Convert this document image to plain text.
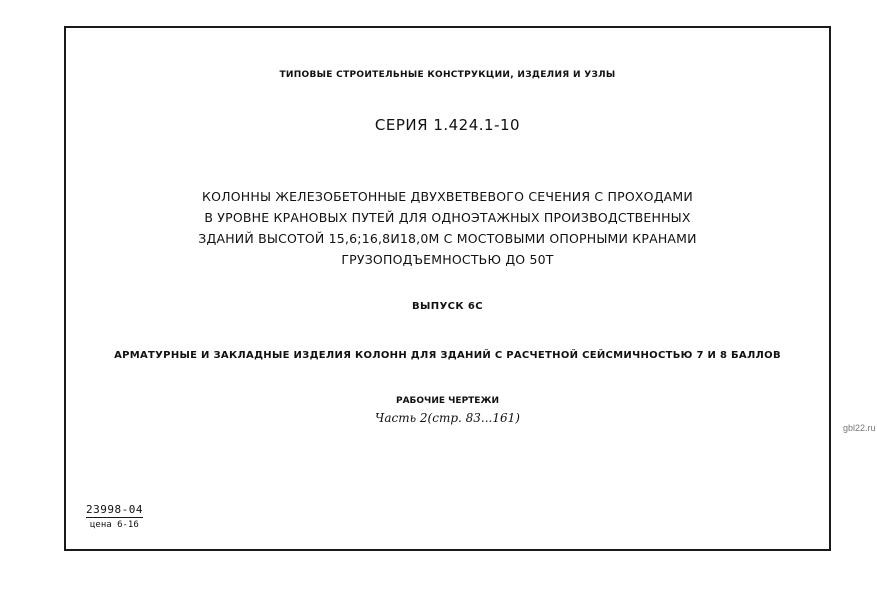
ТИПОВЫЕ СТРОИТЕЛЬНЫЕ КОНСТРУКЦИИ, ИЗДЕЛИЯ И УЗЛЫ
СЕРИЯ 1.424.1-10
КОЛОННЫ ЖЕЛЕЗОБЕТОННЫЕ ДВУХВЕТВЕВОГО СЕЧЕНИЯ С ПРОХОДАМИ
В УРОВНЕ КРАНОВЫХ ПУТЕЙ ДЛЯ ОДНОЭТАЖНЫХ ПРОИЗВОДСТВЕННЫХ
ЗДАНИЙ ВЫСОТОЙ 15,6;16,8И18,0М С МОСТОВЫМИ ОПОРНЫМИ КРАНАМИ
ГРУЗОПОДЪЕМНОСТЬЮ ДО 50Т
ВЫПУСК 6С
АРМАТУРНЫЕ И ЗАКЛАДНЫЕ ИЗДЕЛИЯ КОЛОНН ДЛЯ ЗДАНИЙ С РАСЧЕТНОЙ СЕЙСМИЧНОСТЬЮ 7 И 8 БАЛЛОВ
РАБОЧИЕ ЧЕРТЕЖИ
Часть 2(стр. 83...161)
23998-04
цена 6-16
gbl22.ru
